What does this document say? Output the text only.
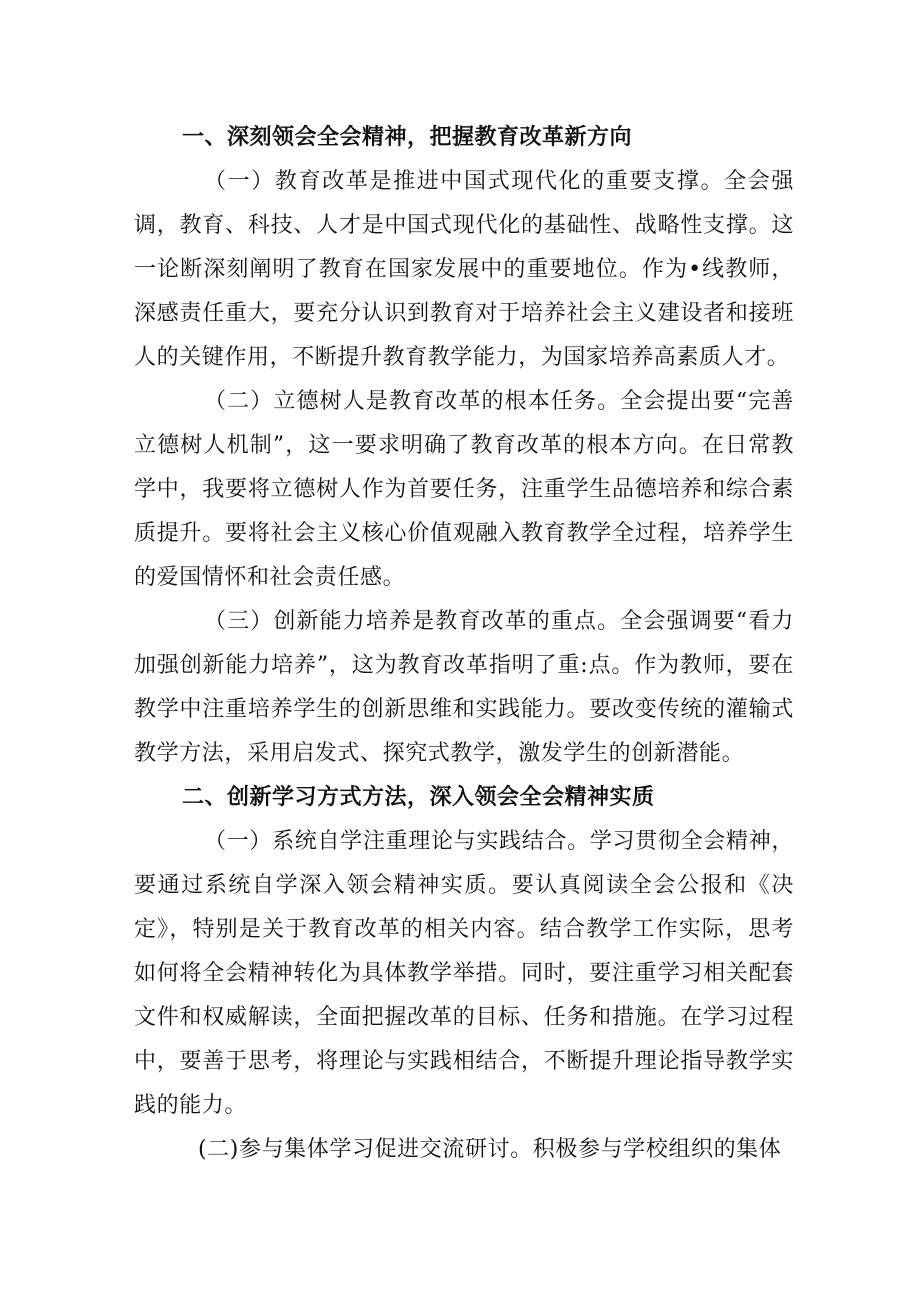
一、深刻领会全会精神，把握教育改革新方向

（一）教育改革是推进中国式现代化的重要支撑。全会强调，教育、科技、人才是中国式现代化的基础性、战略性支撑。这一论断深刻阐明了教育在国家发展中的重要地位。作为•线教师，深感责任重大，要充分认识到教育对于培养社会主义建设者和接班人的关键作用，不断提升教育教学能力，为国家培养高素质人才。

（二）立德树人是教育改革的根本任务。全会提出要“完善立德树人机制”，这一要求明确了教育改革的根本方向。在日常教学中，我要将立德树人作为首要任务，注重学生品德培养和综合素质提升。要将社会主义核心价值观融入教育教学全过程，培养学生的爱国情怀和社会责任感。

（三）创新能力培养是教育改革的重点。全会强调要“看力加强创新能力培养”，这为教育改革指明了重:点。作为教师，要在教学中注重培养学生的创新思维和实践能力。要改变传统的灌输式教学方法，采用启发式、探究式教学，激发学生的创新潜能。

二、创新学习方式方法，深入领会全会精神实质

（一）系统自学注重理论与实践结合。学习贯彻全会精神，要通过系统自学深入领会精神实质。要认真阅读全会公报和《决定》，特别是关于教育改革的相关内容。结合教学工作实际，思考如何将全会精神转化为具体教学举措。同时，要注重学习相关配套文件和权威解读，全面把握改革的目标、任务和措施。在学习过程中，要善于思考，将理论与实践相结合，不断提升理论指导教学实践的能力。

(二)参与集体学习促进交流研讨。积极参与学校组织的集体
